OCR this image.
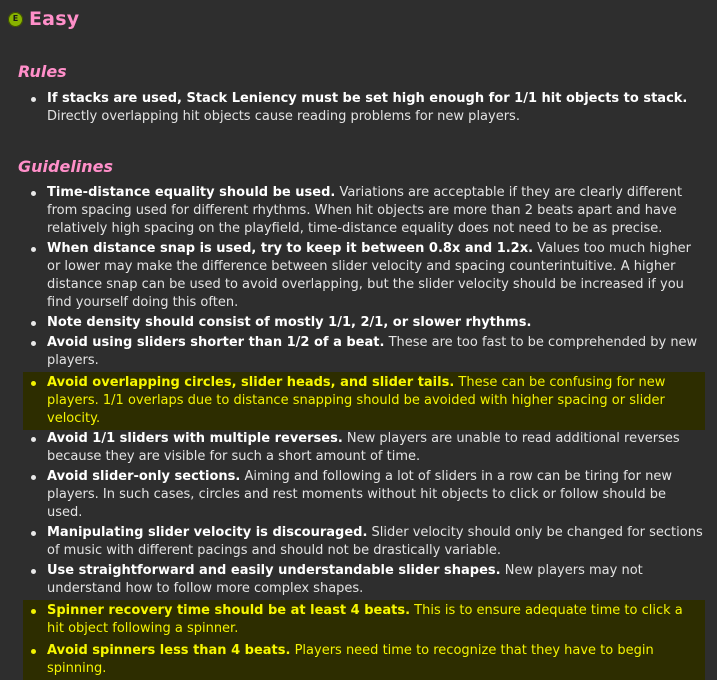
E Easy
Rules
If stacks are used, Stack Leniency must be set high enough for 1/1 hit objects to stack. Directly overlapping hit objects cause reading problems for new players.
Guidelines
Time-distance equality should be used. Variations are acceptable if they are clearly different from spacing used for different rhythms. When hit objects are more than 2 beats apart and have relatively high spacing on the playfield, time-distance equality does not need to be as precise.
When distance snap is used, try to keep it between 0.8x and 1.2x. Values too much higher or lower may make the difference between slider velocity and spacing counterintuitive. A higher distance snap can be used to avoid overlapping, but the slider velocity should be increased if you find yourself doing this often.
Note density should consist of mostly 1/1, 2/1, or slower rhythms.
Avoid using sliders shorter than 1/2 of a beat. These are too fast to be comprehended by new players.
Avoid overlapping circles, slider heads, and slider tails. These can be confusing for new players. 1/1 overlaps due to distance snapping should be avoided with higher spacing or slider velocity.
Avoid 1/1 sliders with multiple reverses. New players are unable to read additional reverses because they are visible for such a short amount of time.
Avoid slider-only sections. Aiming and following a lot of sliders in a row can be tiring for new players. In such cases, circles and rest moments without hit objects to click or follow should be used.
Manipulating slider velocity is discouraged. Slider velocity should only be changed for sections of music with different pacings and should not be drastically variable.
Use straightforward and easily understandable slider shapes. New players may not understand how to follow more complex shapes.
Spinner recovery time should be at least 4 beats. This is to ensure adequate time to click a hit object following a spinner.
Avoid spinners less than 4 beats. Players need time to recognize that they have to begin spinning.
